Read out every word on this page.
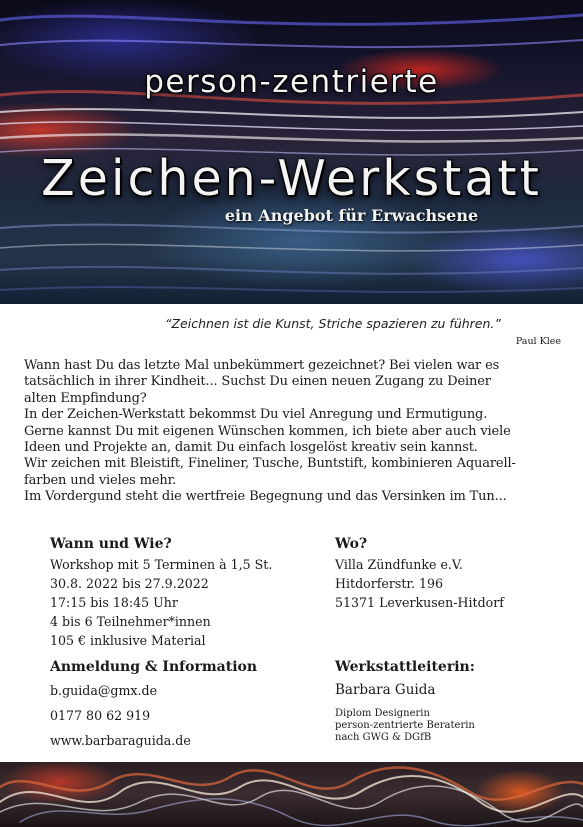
person-zentrierte
Zeichen-Werkstatt
ein Angebot für Erwachsene
“Zeichnen ist die Kunst, Striche spazieren zu führen.”
Paul Klee

Wann hast Du das letzte Mal unbekümmert gezeichnet? Bei vielen war es

tatsächlich in ihrer Kindheit... Suchst Du einen neuen Zugang zu Deiner

alten Empfindung?

In der Zeichen-Werkstatt bekommst Du viel Anregung und Ermutigung.

Gerne kannst Du mit eigenen Wünschen kommen, ich biete aber auch viele

Ideen und Projekte an, damit Du einfach losgelöst kreativ sein kannst.

Wir zeichen mit Bleistift, Fineliner, Tusche, Buntstift, kombinieren Aquarell-

farben und vieles mehr.

Im Vordergund steht die wertfreie Begegnung und das Versinken im Tun...

Wann und Wie?
Workshop mit 5 Terminen à 1,5 St.
30.8. 2022 bis 27.9.2022
17:15 bis 18:45 Uhr
4 bis 6 Teilnehmer*innen
105 € inklusive Material
Wo?
Villa Zündfunke e.V.
Hitdorferstr. 196
51371 Leverkusen-Hitdorf
Anmeldung & Information
b.guida@gmx.de
0177 80 62 919
www.barbaraguida.de
Werkstattleiterin:
Barbara Guida
Diplom Designerin
person-zentrierte Beraterin
nach GWG & DGfB
